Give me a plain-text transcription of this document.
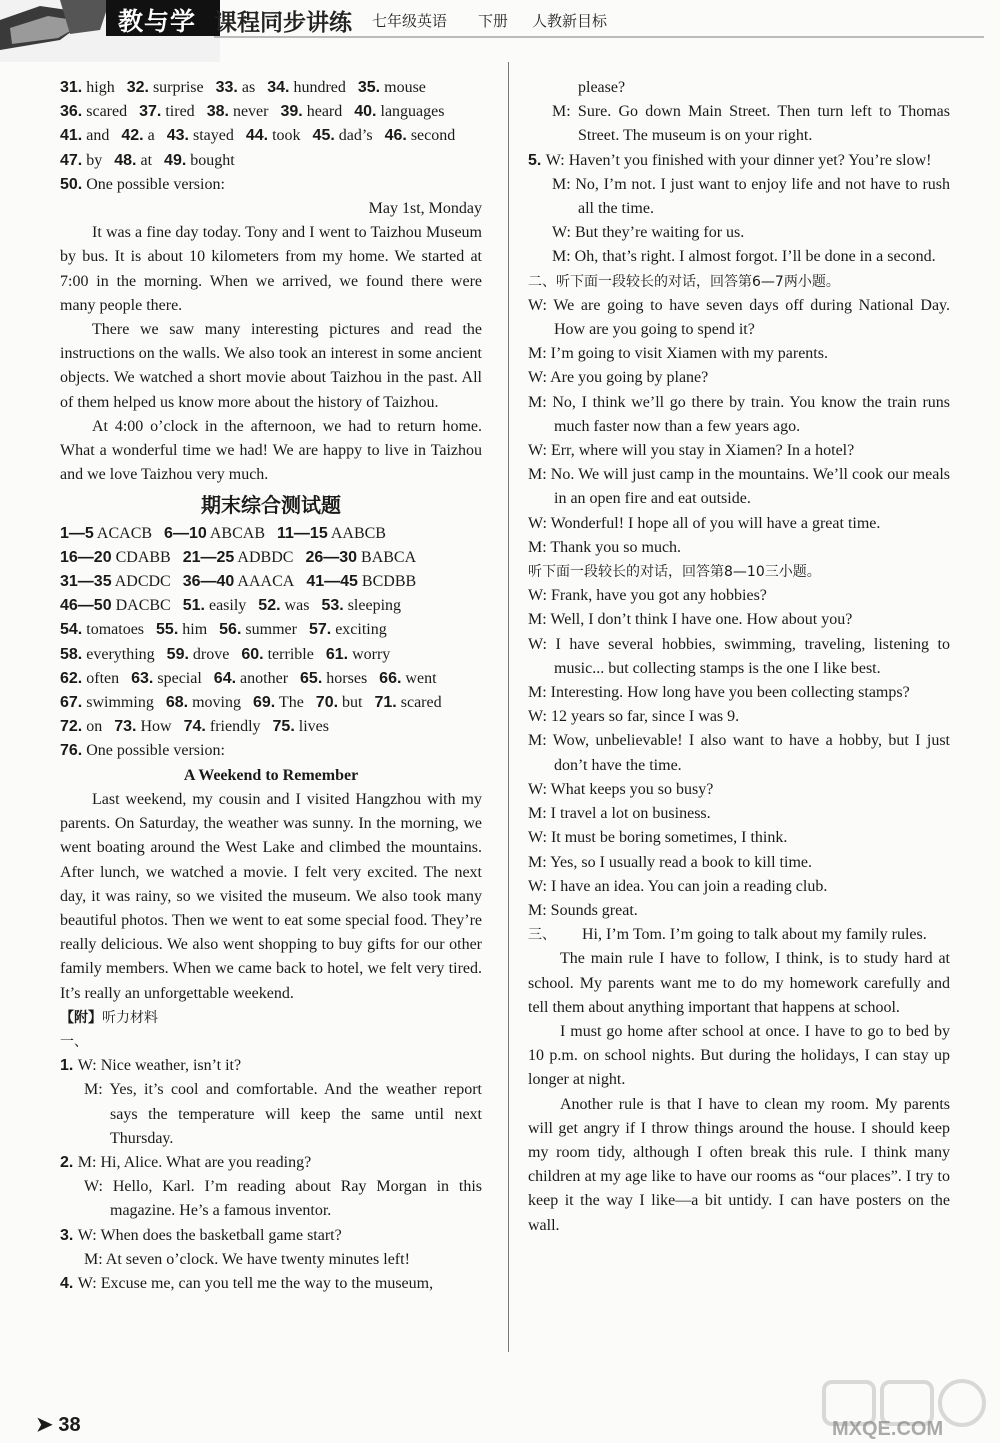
教与学 课程同步讲练 七年级英语 下册 人教新目标
31. high 32. surprise 33. as 34. hundred 35. mouse
36. scared 37. tired 38. never 39. heard 40. languages
41. and 42. a 43. stayed 44. took 45. dad’s 46. second
47. by 48. at 49. bought
50. One possible version:

May 1st, Monday

It was a fine day today. Tony and I went to Taizhou Museum by bus. It is about 10 kilometers from my home. We started at 7:00 in the morning. When we arrived, we found there were many people there.

There we saw many interesting pictures and read the instructions on the walls. We also took an interest in some ancient objects. We watched a short movie about Taizhou in the past. All of them helped us know more about the history of Taizhou.

At 4:00 o’clock in the afternoon, we had to return home. What a wonderful time we had! We are happy to live in Taizhou and we love Taizhou very much.

期末综合测试题
1—5 ACACB 6—10 ABCAB 11—15 AABCB
16—20 CDABB 21—25 ADBDC 26—30 BABCA
31—35 ADCDC 36—40 AAACA 41—45 BCDBB
46—50 DACBC 51. easily 52. was 53. sleeping
54. tomatoes 55. him 56. summer 57. exciting
58. everything 59. drove 60. terrible 61. worry
62. often 63. special 64. another 65. horses 66. went
67. swimming 68. moving 69. The 70. but 71. scared
72. on 73. How 74. friendly 75. lives
76. One possible version:

A Weekend to Remember

Last weekend, my cousin and I visited Hangzhou with my parents. On Saturday, the weather was sunny. In the morning, we went boating around the West Lake and climbed the mountains. After lunch, we watched a movie. I felt very excited. The next day, it was rainy, so we visited the museum. We also took many beautiful photos. Then we went to eat some special food. They’re really delicious. We also went shopping to buy gifts for our other family members. When we came back to hotel, we felt very tired. It’s really an unforgettable weekend.

【附】听力材料
一、

1. W: Nice weather, isn’t it?

M: Yes, it’s cool and comfortable. And the weather report says the temperature will keep the same until next Thursday.

2. M: Hi, Alice. What are you reading?

W: Hello, Karl. I’m reading about Ray Morgan in this magazine. He’s a famous inventor.

3. W: When does the basketball game start?

M: At seven o’clock. We have twenty minutes left!

4. W: Excuse me, can you tell me the way to the museum,

please?

M: Sure. Go down Main Street. Then turn left to Thomas Street. The museum is on your right.

5. W: Haven’t you finished with your dinner yet? You’re slow!

M: No, I’m not. I just want to enjoy life and not have to rush all the time.

W: But they’re waiting for us.

M: Oh, that’s right. I almost forgot. I’ll be done in a second.

二、听下面一段较长的对话，回答第6—7两小题。

W: We are going to have seven days off during National Day. How are you going to spend it?

M: I’m going to visit Xiamen with my parents.

W: Are you going by plane?

M: No, I think we’ll go there by train. You know the train runs much faster now than a few years ago.

W: Err, where will you stay in Xiamen? In a hotel?

M: No. We will just camp in the mountains. We’ll cook our meals in an open fire and eat outside.

W: Wonderful! I hope all of you will have a great time.

M: Thank you so much.

听下面一段较长的对话，回答第8—10三小题。

W: Frank, have you got any hobbies?

M: Well, I don’t think I have one. How about you?

W: I have several hobbies, swimming, traveling, listening to music... but collecting stamps is the one I like best.

M: Interesting. How long have you been collecting stamps?

W: 12 years so far, since I was 9.

M: Wow, unbelievable! I also want to have a hobby, but I just don’t have the time.

W: What keeps you so busy?

M: I travel a lot on business.

W: It must be boring sometimes, I think.

M: Yes, so I usually read a book to kill time.

W: I have an idea. You can join a reading club.

M: Sounds great.

三、 Hi, I’m Tom. I’m going to talk about my family rules.

The main rule I have to follow, I think, is to study hard at school. My parents want me to do my homework carefully and tell them about anything important that happens at school.

I must go home after school at once. I have to go to bed by 10 p.m. on school nights. But during the holidays, I can stay up longer at night.

Another rule is that I have to clean my room. My parents will get angry if I throw things around the house. I should keep my room tidy, although I often break this rule. I think many children at my age like to have our rooms as “our places”. I try to keep it the way I like—a bit untidy. I can have posters on the wall.

➤ 38	MXQE.COM
